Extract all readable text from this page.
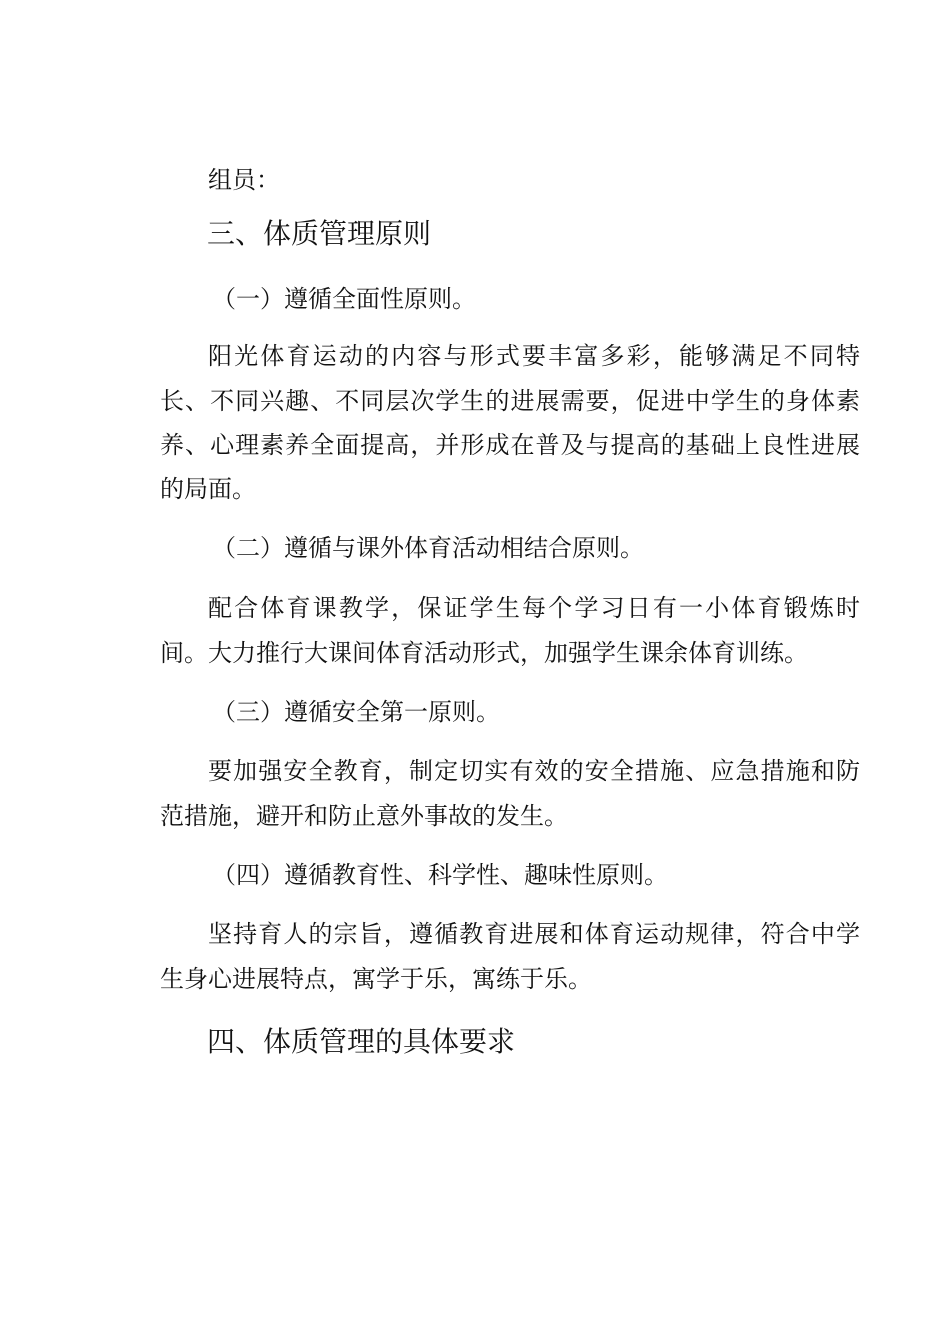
组员：
三、体质管理原则
（一）遵循全面性原则。
阳光体育运动的内容与形式要丰富多彩，能够满足不同特
长、不同兴趣、不同层次学生的进展需要，促进中学生的身体素
养、心理素养全面提高，并形成在普及与提高的基础上良性进展
的局面。
（二）遵循与课外体育活动相结合原则。
配合体育课教学，保证学生每个学习日有一小体育锻炼时
间。大力推行大课间体育活动形式，加强学生课余体育训练。
（三）遵循安全第一原则。
要加强安全教育，制定切实有效的安全措施、应急措施和防
范措施，避开和防止意外事故的发生。
（四）遵循教育性、科学性、趣味性原则。
坚持育人的宗旨，遵循教育进展和体育运动规律，符合中学
生身心进展特点，寓学于乐，寓练于乐。
四、体质管理的具体要求
